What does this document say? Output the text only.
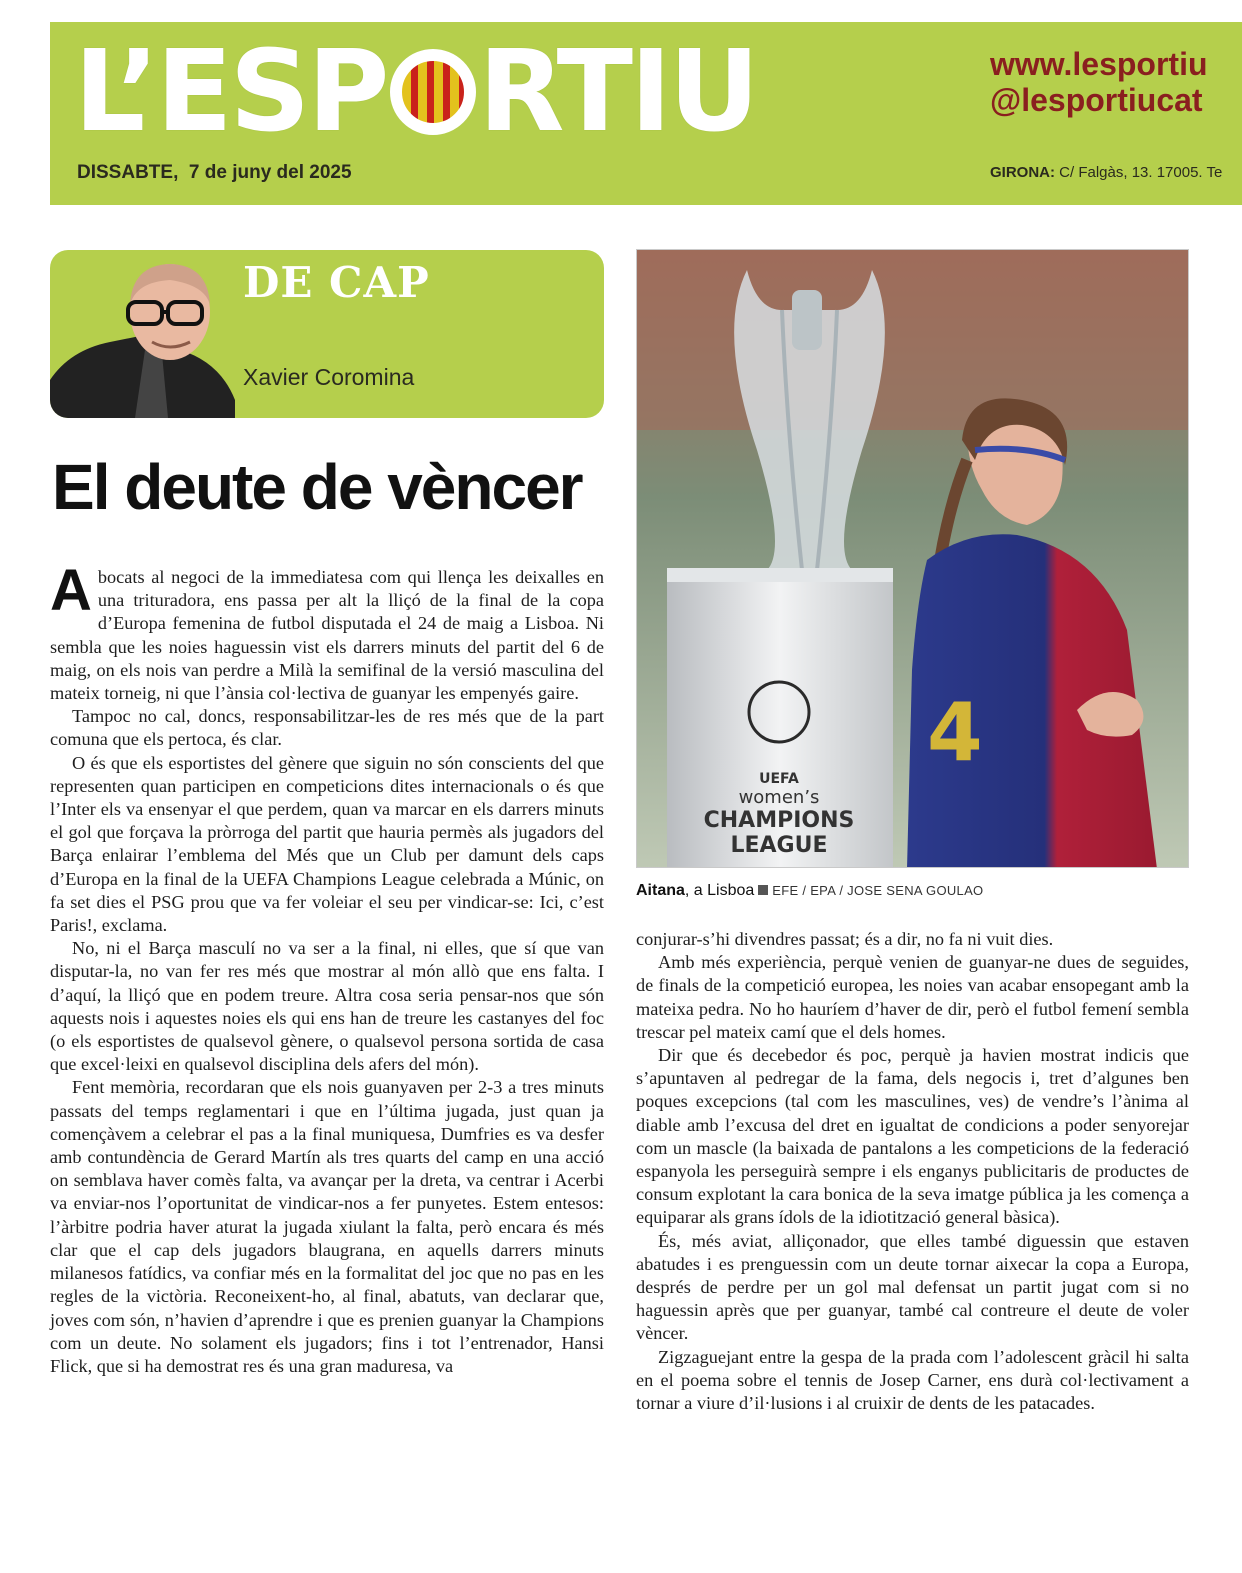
L’ESP RTIU
DISSABTE, 7 de juny del 2025
www.lesportiu
@lesportiucat
GIRONA: C/ Falgàs, 13. 17005. Te
DE CAP
Xavier Coromina
El deute de vèncer

Abocats al negoci de la immediatesa com qui llença les deixalles en una trituradora, ens passa per alt la lliçó de la final de la copa d’Europa femenina de futbol disputada el 24 de maig a Lisboa. Ni sembla que les noies haguessin vist els darrers minuts del partit del 6 de maig, on els nois van perdre a Milà la semifinal de la versió masculina del mateix torneig, ni que l’ànsia col·lectiva de guanyar les empenyés gaire.

Tampoc no cal, doncs, responsabilitzar-les de res més que de la part comuna que els pertoca, és clar.

O és que els esportistes del gènere que siguin no són conscients del que representen quan participen en competicions dites internacionals o és que l’Inter els va ensenyar el que perdem, quan va marcar en els darrers minuts el gol que forçava la pròrroga del partit que hauria permès als jugadors del Barça enlairar l’emblema del Més que un Club per damunt dels caps d’Europa en la final de la UEFA Champions League celebrada a Múnic, on fa set dies el PSG prou que va fer voleiar el seu per vindicar-se: Ici, c’est Paris!, exclama.

No, ni el Barça masculí no va ser a la final, ni elles, que sí que van disputar-la, no van fer res més que mostrar al món allò que ens falta. I d’aquí, la lliçó que en podem treure. Altra cosa seria pensar-nos que són aquests nois i aquestes noies els qui ens han de treure les castanyes del foc (o els esportistes de qualsevol gènere, o qualsevol persona sortida de casa que excel·leixi en qualsevol disciplina dels afers del món).

Fent memòria, recordaran que els nois guanyaven per 2-3 a tres minuts passats del temps reglamentari i que en l’última jugada, just quan ja començàvem a celebrar el pas a la final muniquesa, Dumfries es va desfer amb contundència de Gerard Martín als tres quarts del camp en una acció on semblava haver comès falta, va avançar per la dreta, va centrar i Acerbi va enviar-nos l’oportunitat de vindicar-nos a fer punyetes. Estem entesos: l’àrbitre podria haver aturat la jugada xiulant la falta, però encara és més clar que el cap dels jugadors blaugrana, en aquells darrers minuts milanesos fatídics, va confiar més en la formalitat del joc que no pas en les regles de la victòria. Reconeixent-ho, al final, abatuts, van declarar que, joves com són, n’havien d’aprendre i que es prenien guanyar la Champions com un deute. No solament els jugadors; fins i tot l’entrenador, Hansi Flick, que si ha demostrat res és una gran maduresa, va

4
UEFA
women’s
CHAMPIONS
LEAGUE
Aitana, a Lisboa EFE / EPA / JOSE SENA GOULAO

conjurar-s’hi divendres passat; és a dir, no fa ni vuit dies.

Amb més experiència, perquè venien de guanyar-ne dues de seguides, de finals de la competició europea, les noies van acabar ensopegant amb la mateixa pedra. No ho hauríem d’haver de dir, però el futbol femení sembla trescar pel mateix camí que el dels homes.

Dir que és decebedor és poc, perquè ja havien mostrat indicis que s’apuntaven al pedregar de la fama, dels negocis i, tret d’algunes ben poques excepcions (tal com les masculines, ves) de vendre’s l’ànima al diable amb l’excusa del dret en igualtat de condicions a poder senyorejar com un mascle (la baixada de pantalons a les competicions de la federació espanyola les perseguirà sempre i els enganys publicitaris de productes de consum explotant la cara bonica de la seva imatge pública ja les comença a equiparar als grans ídols de la idiotització general bàsica).

És, més aviat, alliçonador, que elles també diguessin que estaven abatudes i es prenguessin com un deute tornar aixecar la copa a Europa, després de perdre per un gol mal defensat un partit jugat com si no haguessin après que per guanyar, també cal contreure el deute de voler vèncer.

Zigzaguejant entre la gespa de la prada com l’adolescent gràcil hi salta en el poema sobre el tennis de Josep Carner, ens durà col·lectivament a tornar a viure d’il·lusions i al cruixir de dents de les patacades.
